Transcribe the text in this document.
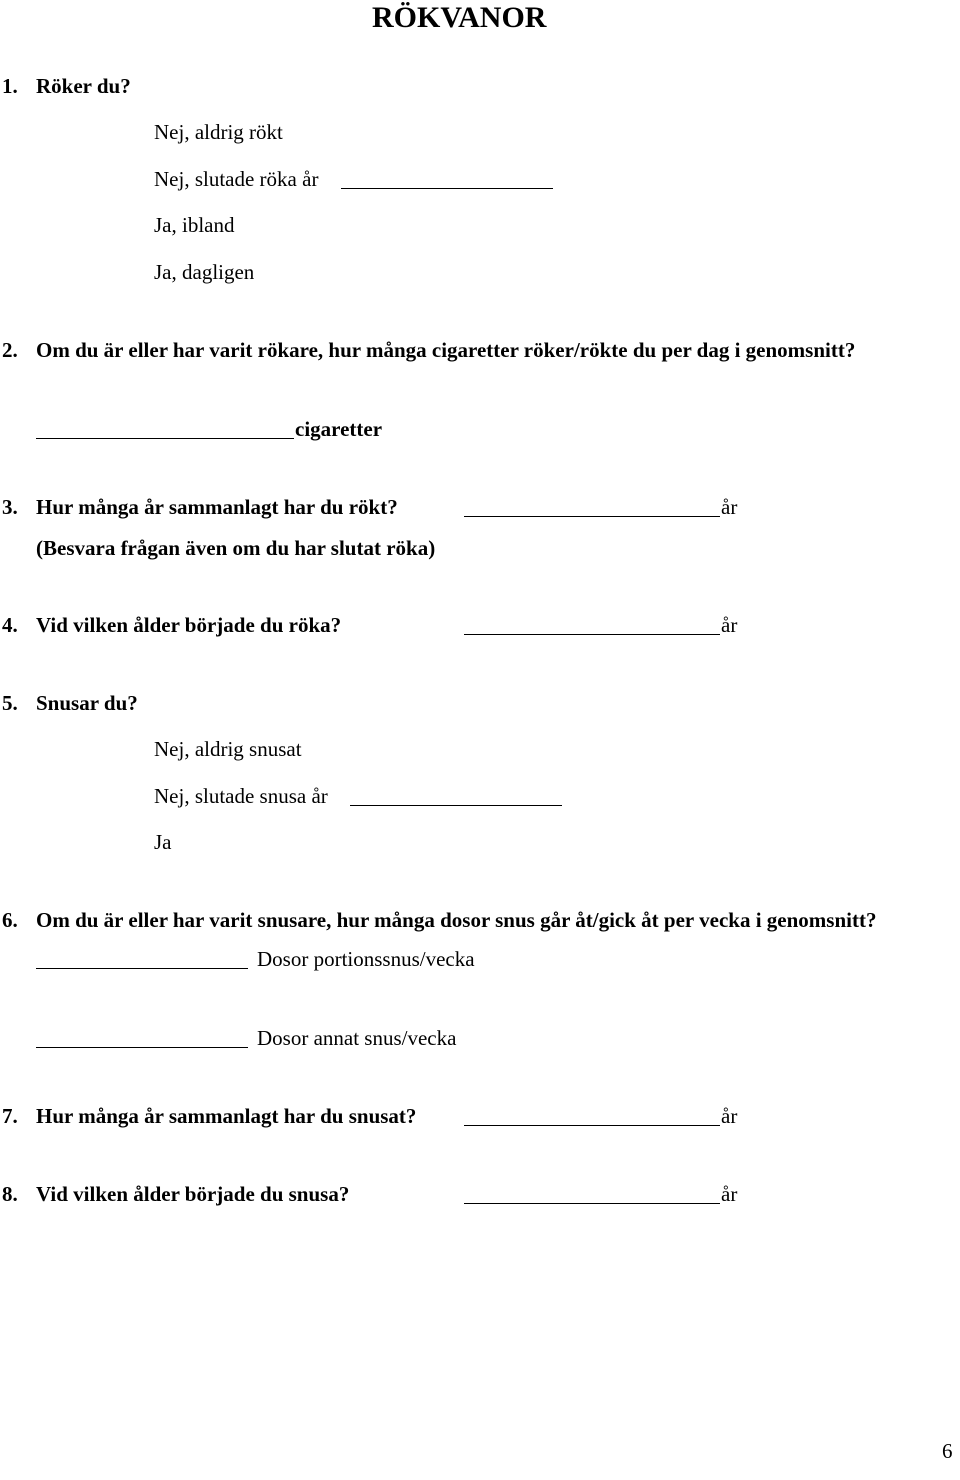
RÖKVANOR
1. Röker du?
Nej, aldrig rökt
Nej, slutade röka år
Ja, ibland
Ja, dagligen
2. Om du är eller har varit rökare, hur många cigaretter röker/rökte du per dag i genomsnitt?
cigaretter
3. Hur många år sammanlagt har du rökt?	år
(Besvara frågan även om du har slutat röka)
4. Vid vilken ålder började du röka?	år
5. Snusar du?
Nej, aldrig snusat
Nej, slutade snusa år
Ja
6. Om du är eller har varit snusare, hur många dosor snus går åt/gick åt per vecka i genomsnitt?
Dosor portionssnus/vecka
Dosor annat snus/vecka
7. Hur många år sammanlagt har du snusat?	år
8. Vid vilken ålder började du snusa?	år
6
